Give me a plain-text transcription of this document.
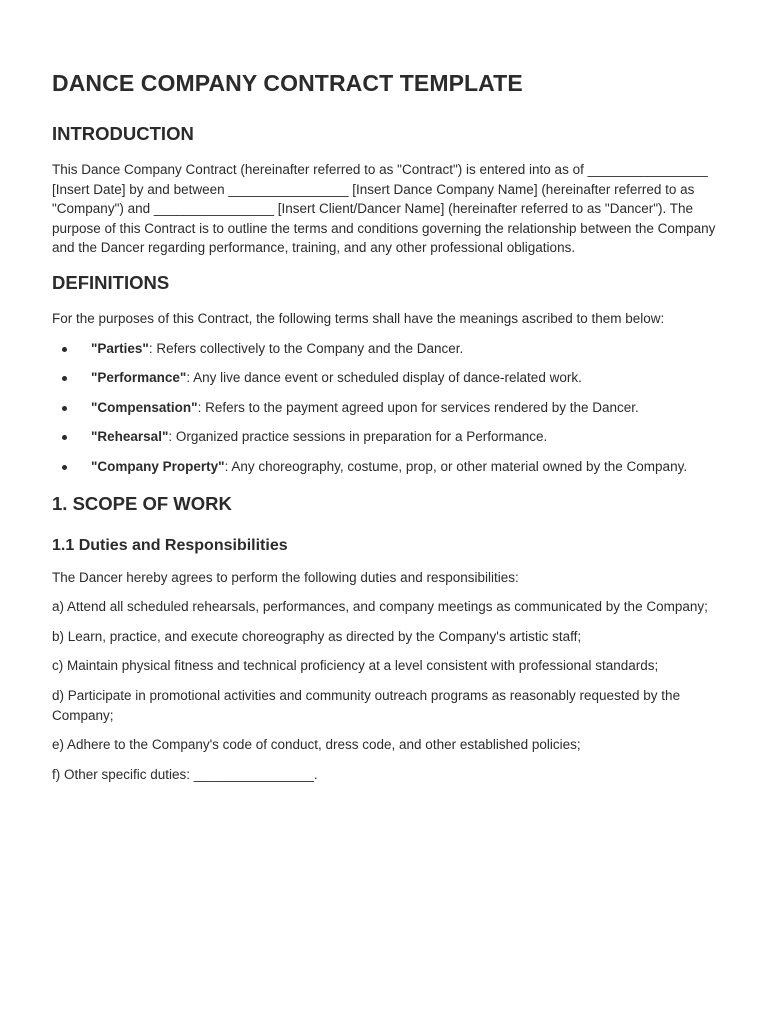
DANCE COMPANY CONTRACT TEMPLATE
INTRODUCTION

This Dance Company Contract (hereinafter referred to as "Contract") is entered into as of ________________ [Insert Date] by and between ________________ [Insert Dance Company Name] (hereinafter referred to as "Company") and ________________ [Insert Client/Dancer Name] (hereinafter referred to as "Dancer"). The purpose of this Contract is to outline the terms and conditions governing the relationship between the Company and the Dancer regarding performance, training, and any other professional obligations.

DEFINITIONS

For the purposes of this Contract, the following terms shall have the meanings ascribed to them below:

"Parties": Refers collectively to the Company and the Dancer.
"Performance": Any live dance event or scheduled display of dance-related work.
"Compensation": Refers to the payment agreed upon for services rendered by the Dancer.
"Rehearsal": Organized practice sessions in preparation for a Performance.
"Company Property": Any choreography, costume, prop, or other material owned by the Company.
1. SCOPE OF WORK
1.1 Duties and Responsibilities

The Dancer hereby agrees to perform the following duties and responsibilities:

a) Attend all scheduled rehearsals, performances, and company meetings as communicated by the Company;

b) Learn, practice, and execute choreography as directed by the Company's artistic staff;

c) Maintain physical fitness and technical proficiency at a level consistent with professional standards;

d) Participate in promotional activities and community outreach programs as reasonably requested by the Company;

e) Adhere to the Company's code of conduct, dress code, and other established policies;

f) Other specific duties: ________________.
